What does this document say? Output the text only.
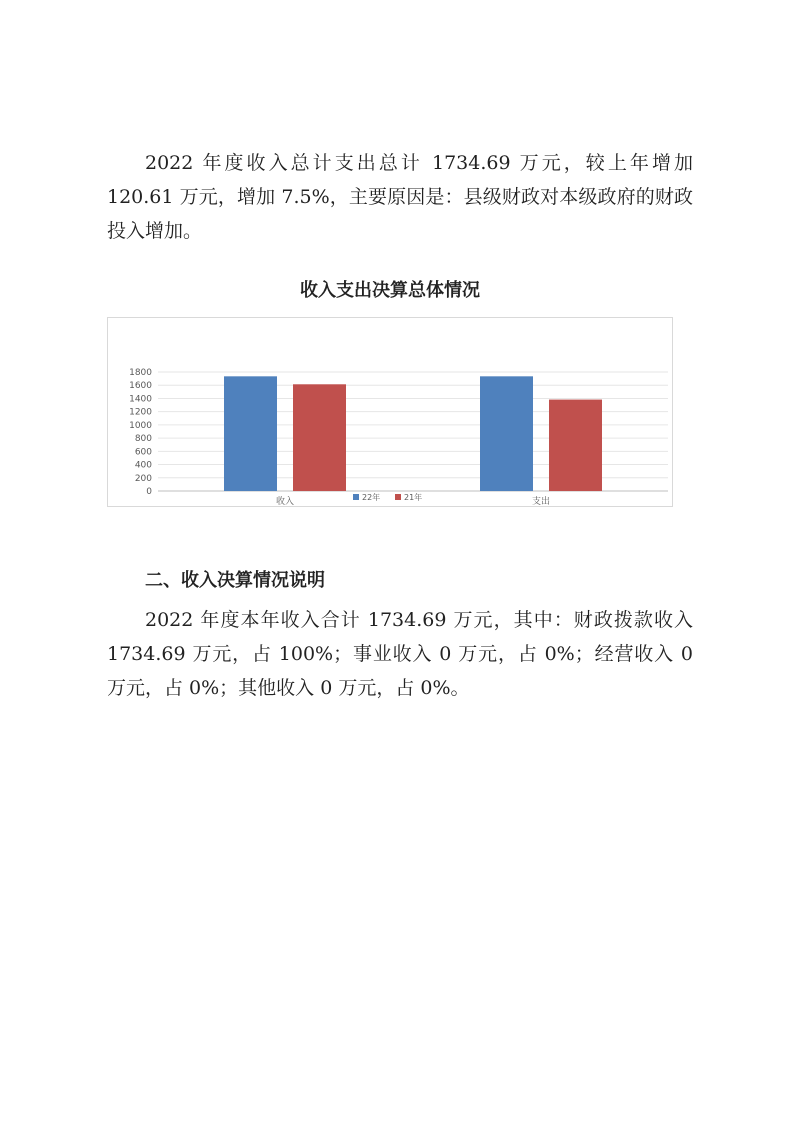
2022 年度收入总计支出总计 1734.69 万元，较上年增加 120.61 万元，增加 7.5%，主要原因是：县级财政对本级政府的财政投入增加。

收入支出决算总体情况
0
200
400
600
800
1000
1200
1400
1600
1800
收入	支出
22年	21年
二、收入决算情况说明

2022 年度本年收入合计 1734.69 万元，其中：财政拨款收入 1734.69 万元，占 100%；事业收入 0 万元，占 0%；经营收入 0 万元，占 0%；其他收入 0 万元，占 0%。
